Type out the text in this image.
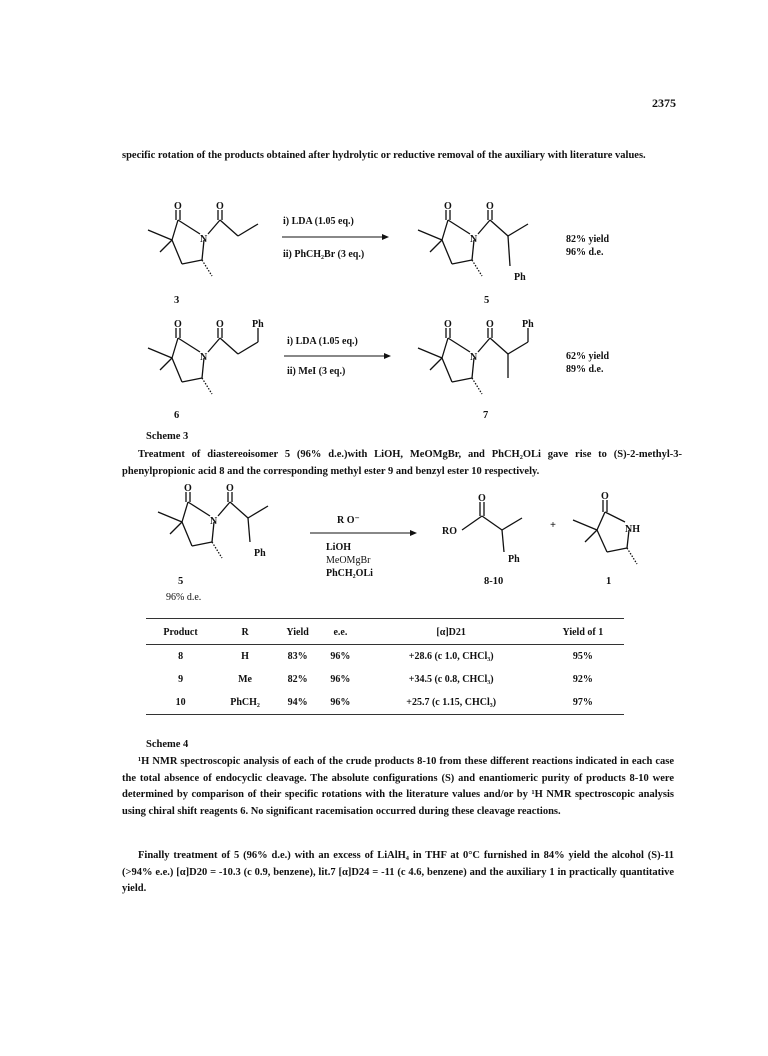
2375

specific rotation of the products obtained after hydrolytic or reductive removal of the auxiliary with literature values.

O	O
N
3
i) LDA (1.05 eq.)
ii) PhCH₂Br (3 eq.)
O	O
N
Ph
5
82% yield
96% d.e.
O	O
N
Ph
6
i) LDA (1.05 eq.)
ii) MeI (3 eq.)
O	O
N
Ph
7
62% yield
89% d.e.
Scheme 3

Treatment of diastereoisomer 5 (96% d.e.)with LiOH, MeOMgBr, and PhCH₂OLi gave rise to (S)-2-methyl-3-phenylpropionic acid 8 and the corresponding methyl ester 9 and benzyl ester 10 respectively.

O	O
N
Ph
5
96% d.e.
R O⁻
LiOH
MeOMgBr
PhCH₂OLi
O
RO
Ph
8-10
+
O
NH
1
Product	R	Yield	e.e.	[α]D21	Yield of 1
8	H	83%	96%	+28.6 (c 1.0, CHCl₃)	95%
9	Me	82%	96%	+34.5 (c 0.8, CHCl₃)	92%
10	PhCH₂	94%	96%	+25.7 (c 1.15, CHCl₃)	97%
Scheme 4

¹H NMR spectroscopic analysis of each of the crude products 8-10 from these different reactions indicated in each case the total absence of endocyclic cleavage. The absolute configurations (S) and enantiomeric purity of products 8-10 were determined by comparison of their specific rotations with the literature values and/or by ¹H NMR spectroscopic analysis using chiral shift reagents 6. No significant racemisation occurred during these cleavage reactions.

Finally treatment of 5 (96% d.e.) with an excess of LiAlH₄ in THF at 0°C furnished in 84% yield the alcohol (S)-11 (>94% e.e.) [α]D20 = -10.3 (c 0.9, benzene), lit.7 [α]D24 = -11 (c 4.6, benzene) and the auxiliary 1 in practically quantitative yield.
